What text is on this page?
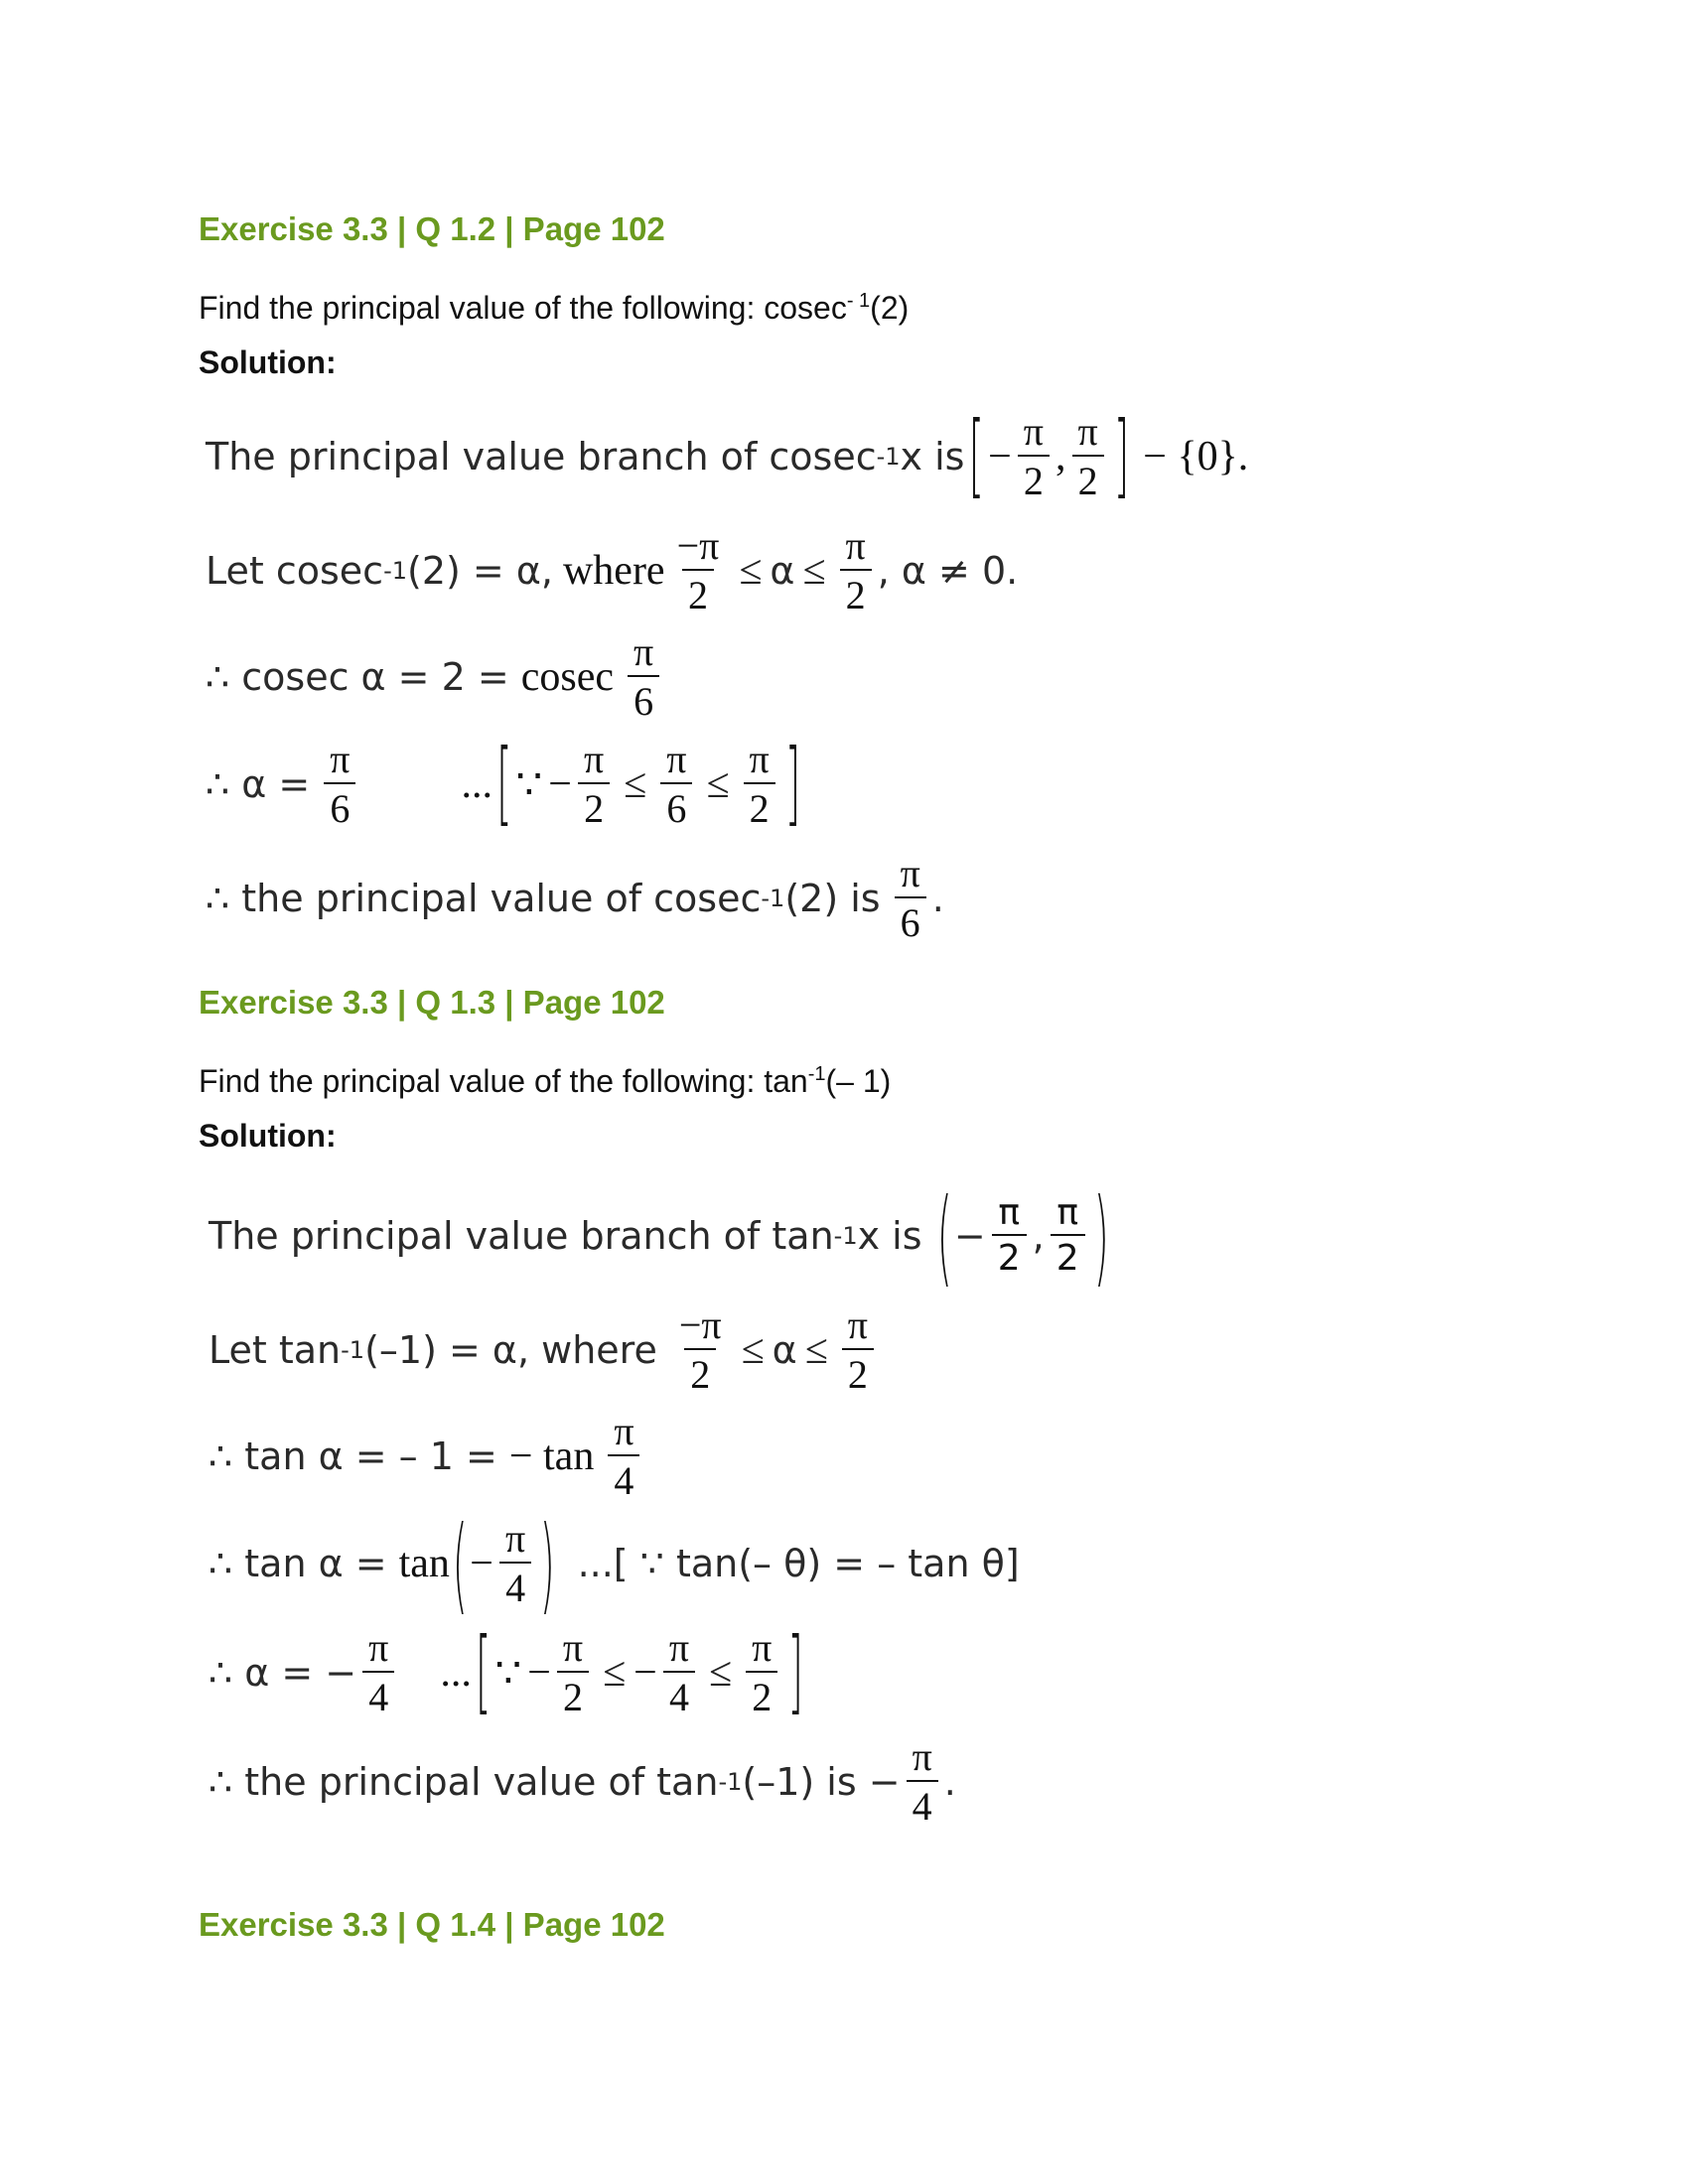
Exercise 3.3 | Q 1.2 | Page 102
Find the principal value of the following: cosec$^{- 1}$(2)
Solution:
The principal value branch of cosec -1 x is [ − $\frac{\pi}{2}$ , $\frac{\pi}{2}$ ] − {0}.
Let cosec -1 (2) = α, where $\frac{-\pi}{2} \le \alpha \le \frac{\pi}{2}$ , α ≠ 0.
∴ cosec α = 2 = cosec $\frac{\pi}{6}$
∴ $\alpha = \frac{\pi}{6}$	... [ ∵ − $\frac{\pi}{2} \le \frac{\pi}{6} \le \frac{\pi}{2}$ ]
∴ the principal value of cosec -1 (2) is $\frac{\pi}{6}$ .
Exercise 3.3 | Q 1.3 | Page 102
Find the principal value of the following: $\tan^{-1}(-$ 1)
Solution:
The principal value branch of tan -1 x is ( − $\frac{\pi}{2}$ , $\frac{\pi}{2}$ )
Let tan -1 (–1) = α, where $\frac{-\pi}{2} \le \alpha \le \frac{\pi}{2}$
∴ tan α = – 1 = − $\tan \frac{\pi}{4}$
∴ tan α = tan ( − $\frac{\pi}{4}$ ) ...[ ∵ tan(– θ) = – tan θ]
∴ α = − $\frac{\pi}{4}$ ... [ ∵ − $\frac{\pi}{2}$ ≤ − $\frac{\pi}{4} \le \frac{\pi}{2}$ ]
∴ the principal value of tan -1 (–1) is − $\frac{\pi}{4}$ .
Exercise 3.3 | Q 1.4 | Page 102
